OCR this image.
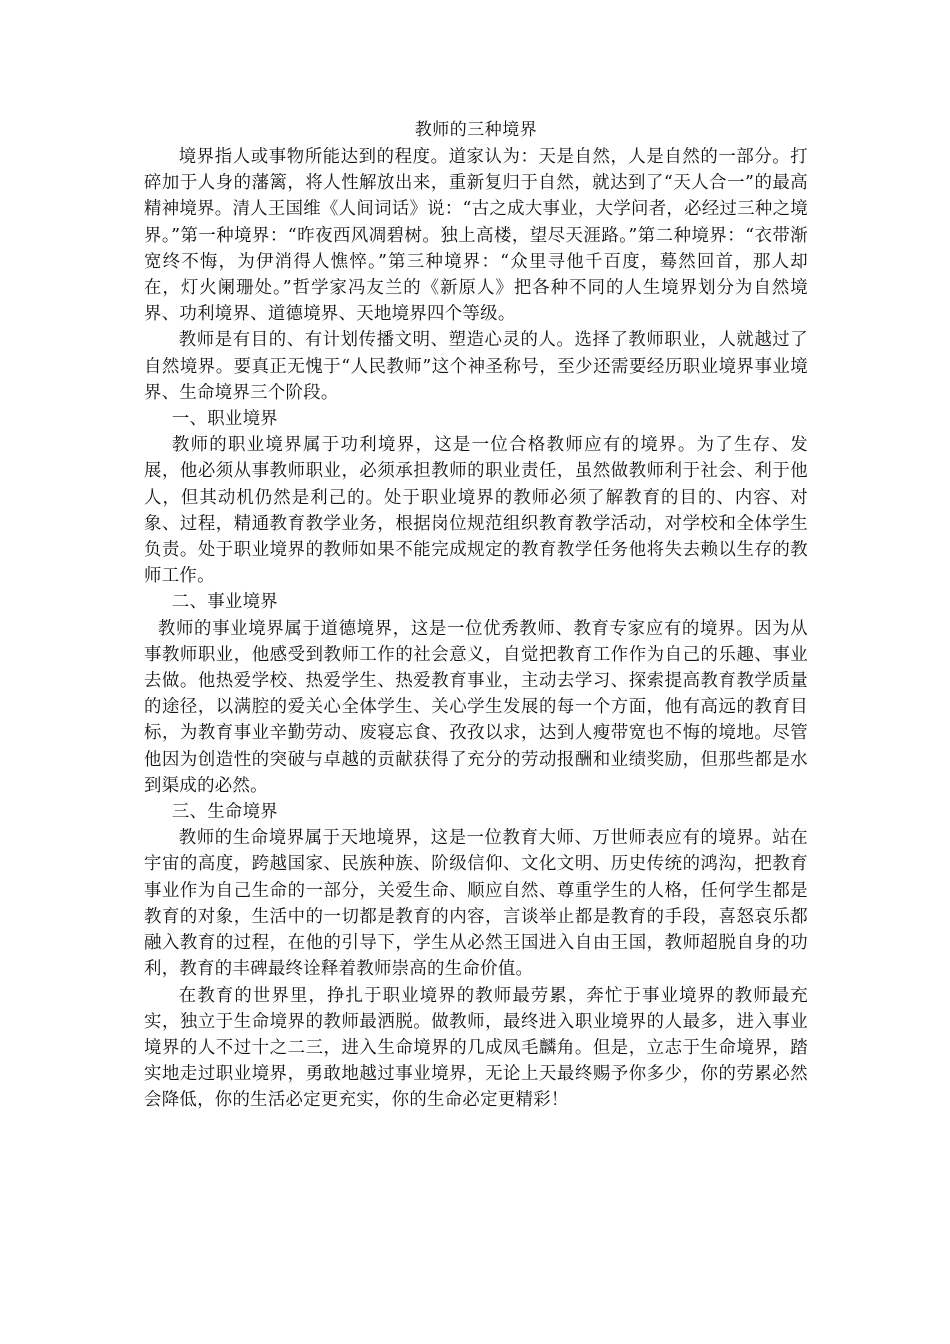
教师的三种境界

境界指人或事物所能达到的程度。道家认为：天是自然，人是自然的一部分。打碎加于人身的藩篱，将人性解放出来，重新复归于自然，就达到了“天人合一”的最高精神境界。清人王国维《人间词话》说：“古之成大事业，大学问者，必经过三种之境界。”第一种境界：“昨夜西风凋碧树。独上高楼，望尽天涯路。”第二种境界：“衣带渐宽终不悔，为伊消得人憔悴。”第三种境界：“众里寻他千百度，蓦然回首，那人却在，灯火阑珊处。”哲学家冯友兰的《新原人》把各种不同的人生境界划分为自然境界、功利境界、道德境界、天地境界四个等级。

教师是有目的、有计划传播文明、塑造心灵的人。选择了教师职业，人就越过了自然境界。要真正无愧于“人民教师”这个神圣称号，至少还需要经历职业境界事业境界、生命境界三个阶段。

一、职业境界

教师的职业境界属于功利境界，这是一位合格教师应有的境界。为了生存、发展，他必须从事教师职业，必须承担教师的职业责任，虽然做教师利于社会、利于他人，但其动机仍然是利己的。处于职业境界的教师必须了解教育的目的、内容、对象、过程，精通教育教学业务，根据岗位规范组织教育教学活动，对学校和全体学生负责。处于职业境界的教师如果不能完成规定的教育教学任务他将失去赖以生存的教师工作。

二、事业境界

教师的事业境界属于道德境界，这是一位优秀教师、教育专家应有的境界。因为从事教师职业，他感受到教师工作的社会意义，自觉把教育工作作为自己的乐趣、事业去做。他热爱学校、热爱学生、热爱教育事业，主动去学习、探索提高教育教学质量的途径，以满腔的爱关心全体学生、关心学生发展的每一个方面，他有高远的教育目标，为教育事业辛勤劳动、废寝忘食、孜孜以求，达到人瘦带宽也不悔的境地。尽管他因为创造性的突破与卓越的贡献获得了充分的劳动报酬和业绩奖励，但那些都是水到渠成的必然。

三、生命境界

教师的生命境界属于天地境界，这是一位教育大师、万世师表应有的境界。站在宇宙的高度，跨越国家、民族种族、阶级信仰、文化文明、历史传统的鸿沟，把教育事业作为自己生命的一部分，关爱生命、顺应自然、尊重学生的人格，任何学生都是教育的对象，生活中的一切都是教育的内容，言谈举止都是教育的手段，喜怒哀乐都融入教育的过程，在他的引导下，学生从必然王国进入自由王国，教师超脱自身的功利，教育的丰碑最终诠释着教师崇高的生命价值。

在教育的世界里，挣扎于职业境界的教师最劳累，奔忙于事业境界的教师最充实，独立于生命境界的教师最洒脱。做教师，最终进入职业境界的人最多，进入事业境界的人不过十之二三，进入生命境界的几成凤毛麟角。但是，立志于生命境界，踏实地走过职业境界，勇敢地越过事业境界，无论上天最终赐予你多少，你的劳累必然会降低，你的生活必定更充实，你的生命必定更精彩！
